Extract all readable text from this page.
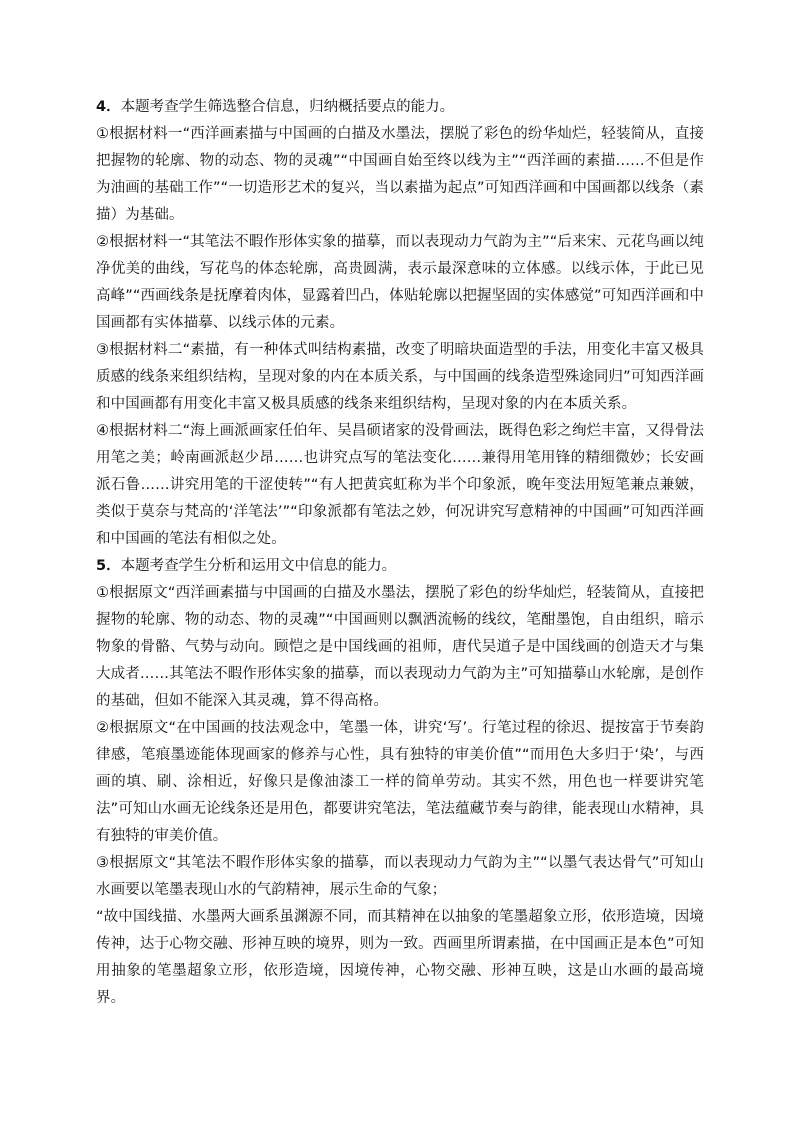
4．本题考查学生筛选整合信息，归纳概括要点的能力。

①根据材料一“西洋画素描与中国画的白描及水墨法，摆脱了彩色的纷华灿烂，轻装简从，直接把握物的轮廓、物的动态、物的灵魂”“中国画自始至终以线为主”“西洋画的素描……不但是作为油画的基础工作”“一切造形艺术的复兴，当以素描为起点”可知西洋画和中国画都以线条（素描）为基础。

②根据材料一“其笔法不暇作形体实象的描摹，而以表现动力气韵为主”“后来宋、元花鸟画以纯净优美的曲线，写花鸟的体态轮廓，高贵圆满，表示最深意味的立体感。以线示体，于此已见高峰”“西画线条是抚摩着肉体，显露着凹凸，体贴轮廓以把握坚固的实体感觉”可知西洋画和中国画都有实体描摹、以线示体的元素。

③根据材料二“素描，有一种体式叫结构素描，改变了明暗块面造型的手法，用变化丰富又极具质感的线条来组织结构，呈现对象的内在本质关系，与中国画的线条造型殊途同归”可知西洋画和中国画都有用变化丰富又极具质感的线条来组织结构，呈现对象的内在本质关系。

④根据材料二“海上画派画家任伯年、吴昌硕诸家的没骨画法，既得色彩之绚烂丰富，又得骨法用笔之美；岭南画派赵少昂……也讲究点写的笔法变化……兼得用笔用锋的精细微妙；长安画派石鲁……讲究用笔的干涩使转”“有人把黄宾虹称为半个印象派，晚年变法用短笔兼点兼皴，类似于莫奈与梵高的‘洋笔法’”“印象派都有笔法之妙，何况讲究写意精神的中国画”可知西洋画和中国画的笔法有相似之处。

5．本题考查学生分析和运用文中信息的能力。

①根据原文“西洋画素描与中国画的白描及水墨法，摆脱了彩色的纷华灿烂，轻装简从，直接把握物的轮廓、物的动态、物的灵魂”“中国画则以飘洒流畅的线纹，笔酣墨饱，自由组织，暗示物象的骨骼、气势与动向。顾恺之是中国线画的祖师，唐代吴道子是中国线画的创造天才与集大成者……其笔法不暇作形体实象的描摹，而以表现动力气韵为主”可知描摹山水轮廓，是创作的基础，但如不能深入其灵魂，算不得高格。

②根据原文“在中国画的技法观念中，笔墨一体，讲究‘写’。行笔过程的徐迟、提按富于节奏韵律感，笔痕墨迹能体现画家的修养与心性，具有独特的审美价值”“而用色大多归于‘染’，与西画的填、刷、涂相近，好像只是像油漆工一样的简单劳动。其实不然，用色也一样要讲究笔法”可知山水画无论线条还是用色，都要讲究笔法，笔法蕴藏节奏与韵律，能表现山水精神，具有独特的审美价值。

③根据原文“其笔法不暇作形体实象的描摹，而以表现动力气韵为主”“以墨气表达骨气”可知山水画要以笔墨表现山水的气韵精神，展示生命的气象；

“故中国线描、水墨两大画系虽渊源不同，而其精神在以抽象的笔墨超象立形，依形造境，因境传神，达于心物交融、形神互映的境界，则为一致。西画里所谓素描，在中国画正是本色”可知用抽象的笔墨超象立形，依形造境，因境传神，心物交融、形神互映，这是山水画的最高境界。
